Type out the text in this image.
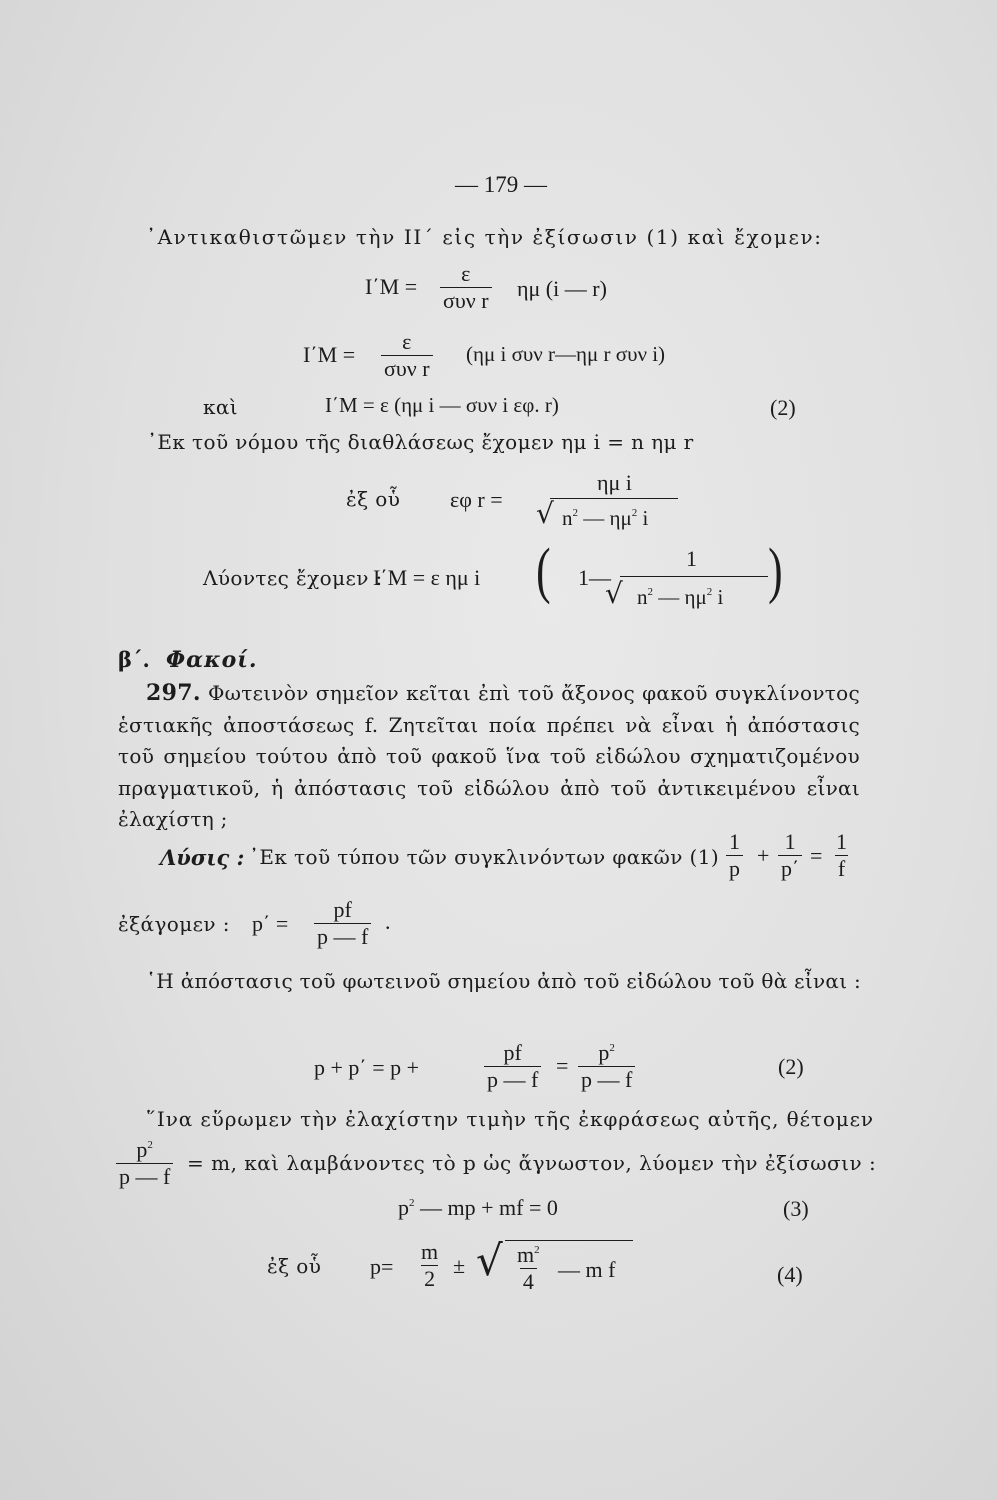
— 179 —
᾿Αντικαθιστῶμεν τὴν ΙΙ΄ εἰς τὴν ἐξίσωσιν (1) καὶ ἔχομεν:
Ι΄Μ =
ε
συν r ημ (i — r)
Ι΄Μ =
ε
συν r
(ημ i συν r—ημ r συν i)
καὶ	Ι΄Μ = ε (ημ i — συν i εφ. r)	(2)
᾿Εκ τοῦ νόμου τῆς διαθλάσεως ἔχομεν ημ i = n ημ r
ἐξ οὗ εφ r =
ημ i
√ $n^2$ — $\eta\mu^2$ i
Λύοντες ἔχομεν :
Ι΄Μ = ε ημ i ( 1—
1
√ $n^2$ — $\eta\mu^2$ i )
β΄. Φακοί.
297. Φωτεινὸν σημεῖον κεῖται ἐπὶ τοῦ ἄξονος φακοῦ συγκλίνοντος ἑστιακῆς ἀποστάσεως f. Ζητεῖται ποία πρέπει νὰ εἶναι ἡ ἀπόστασις τοῦ σημείου τούτου ἀπὸ τοῦ φακοῦ ἵνα τοῦ εἰδώλου σχηματιζομένου πραγματικοῦ, ἡ ἀπόστασις τοῦ εἰδώλου ἀπὸ τοῦ ἀντικειμένου εἶναι ἐλαχίστη ;
Λύσις : ᾿Εκ τοῦ τύπου τῶν συγκλινόντων φακῶν $(1) \frac{1}{p} + \frac{1}{p΄} = \frac{1}{f}$
ἐξάγομεν : $p΄ = \frac{pf}{p — f}$ .
῾Η ἀπόστασις τοῦ φωτεινοῦ σημείου ἀπὸ τοῦ εἰδώλου τοῦ θὰ εἶναι :
p + p΄ = p +	$\frac{pf}{p — f} = \frac{p^2}{p — f}$	(2)
῞Ινα εὕρωμεν τὴν ἐλαχίστην τιμὴν τῆς ἐκφράσεως αὐτῆς, θέτομεν
$\frac{p^2}{p — f} = m$, καὶ λαμβάνοντες τὸ p ὡς ἄγνωστον, λύομεν τὴν ἐξίσωσιν :
$p^2$ — mp + mf = 0	(3)
ἐξ οὗ $p= \frac{m}{2}$ ± √ $\frac{m^2}{4}$ — m f	(4)
